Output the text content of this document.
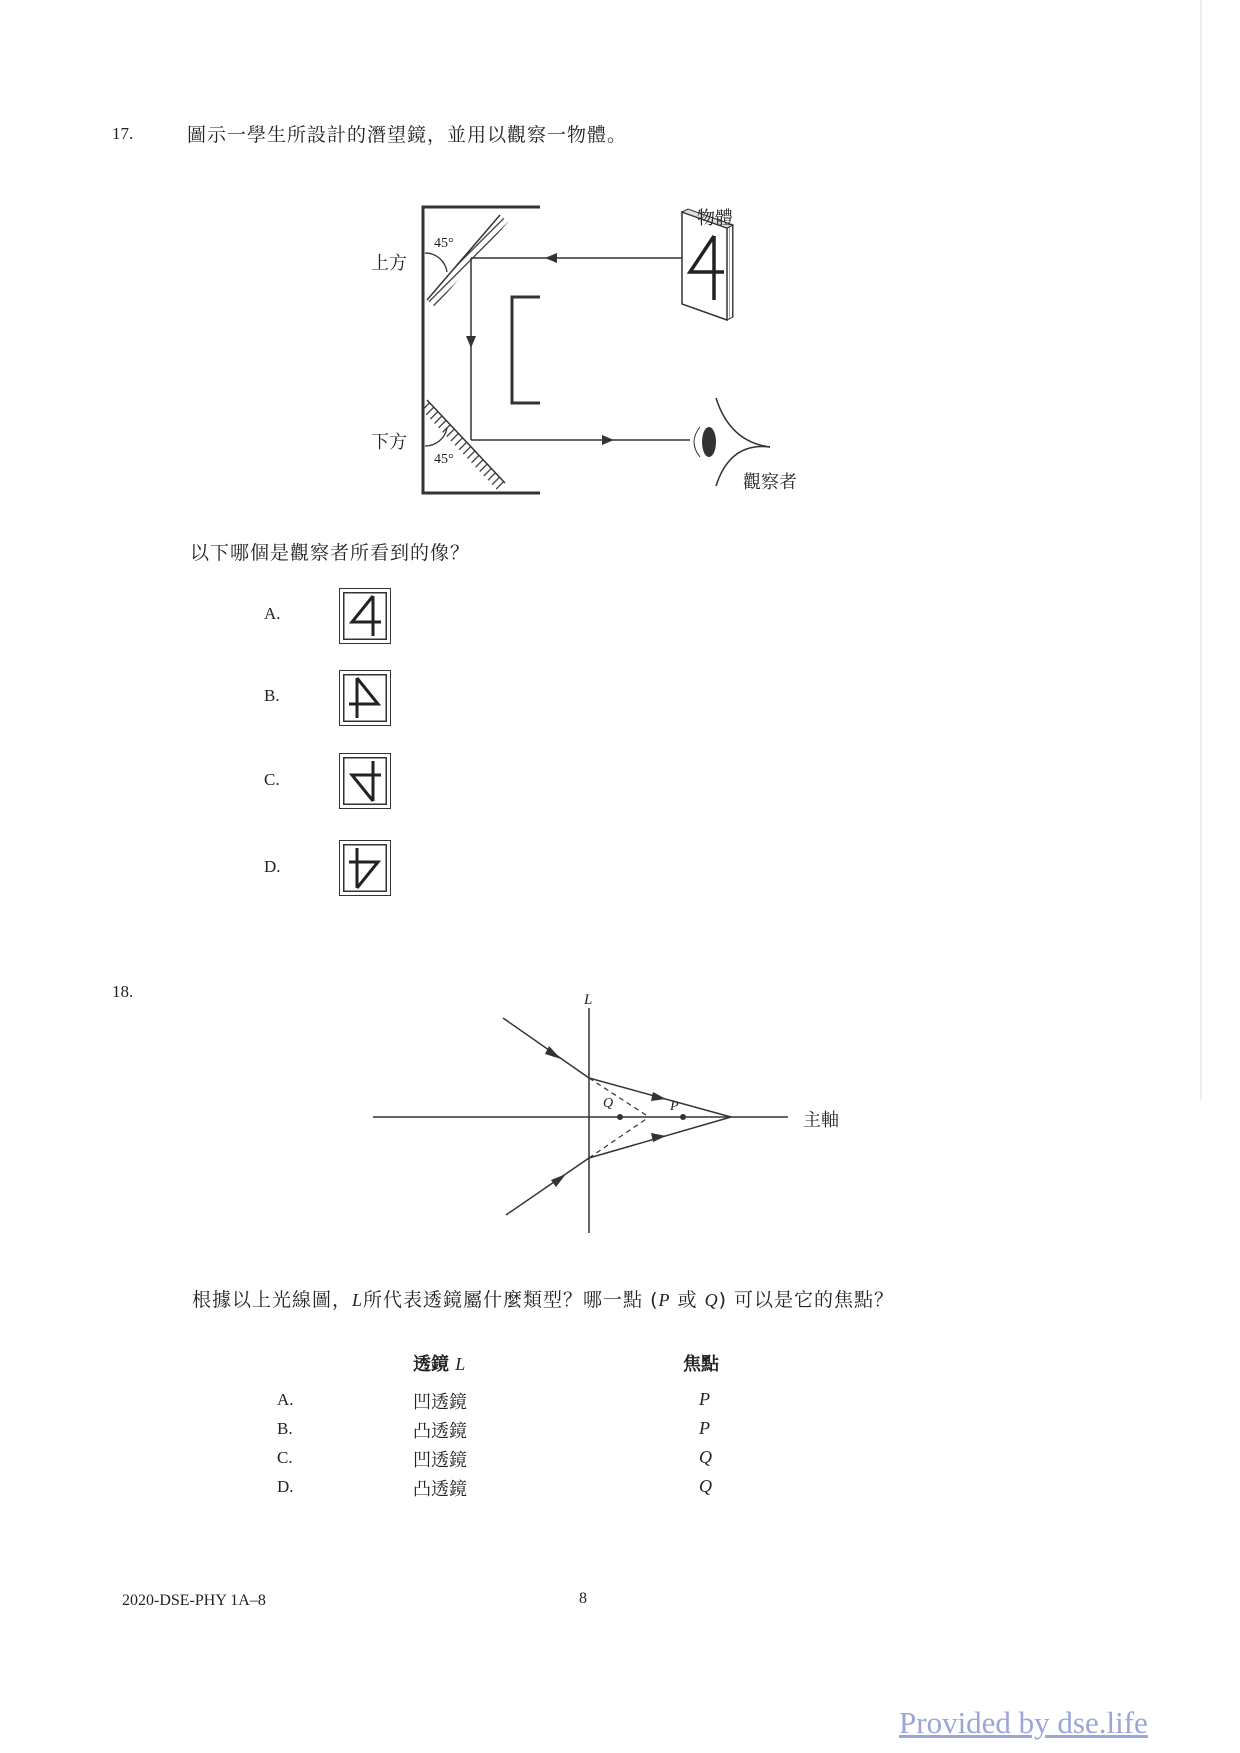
17.	圖示一學生所設計的潛望鏡，並用以觀察一物體。
物體
上方
下方
觀察者
45°
45°
以下哪個是觀察者所看到的像？
A.
B.
C.
D.
18.	L
主軸
Q	P
根據以上光線圖，L所代表透鏡屬什麼類型？哪一點 (P 或 Q) 可以是它的焦點？
透鏡 L	焦點
A.	凹透鏡	P
B.	凸透鏡	P
C.	凹透鏡	Q
D.	凸透鏡	Q
2020-DSE-PHY 1A–8	8
Provided by dse.life
